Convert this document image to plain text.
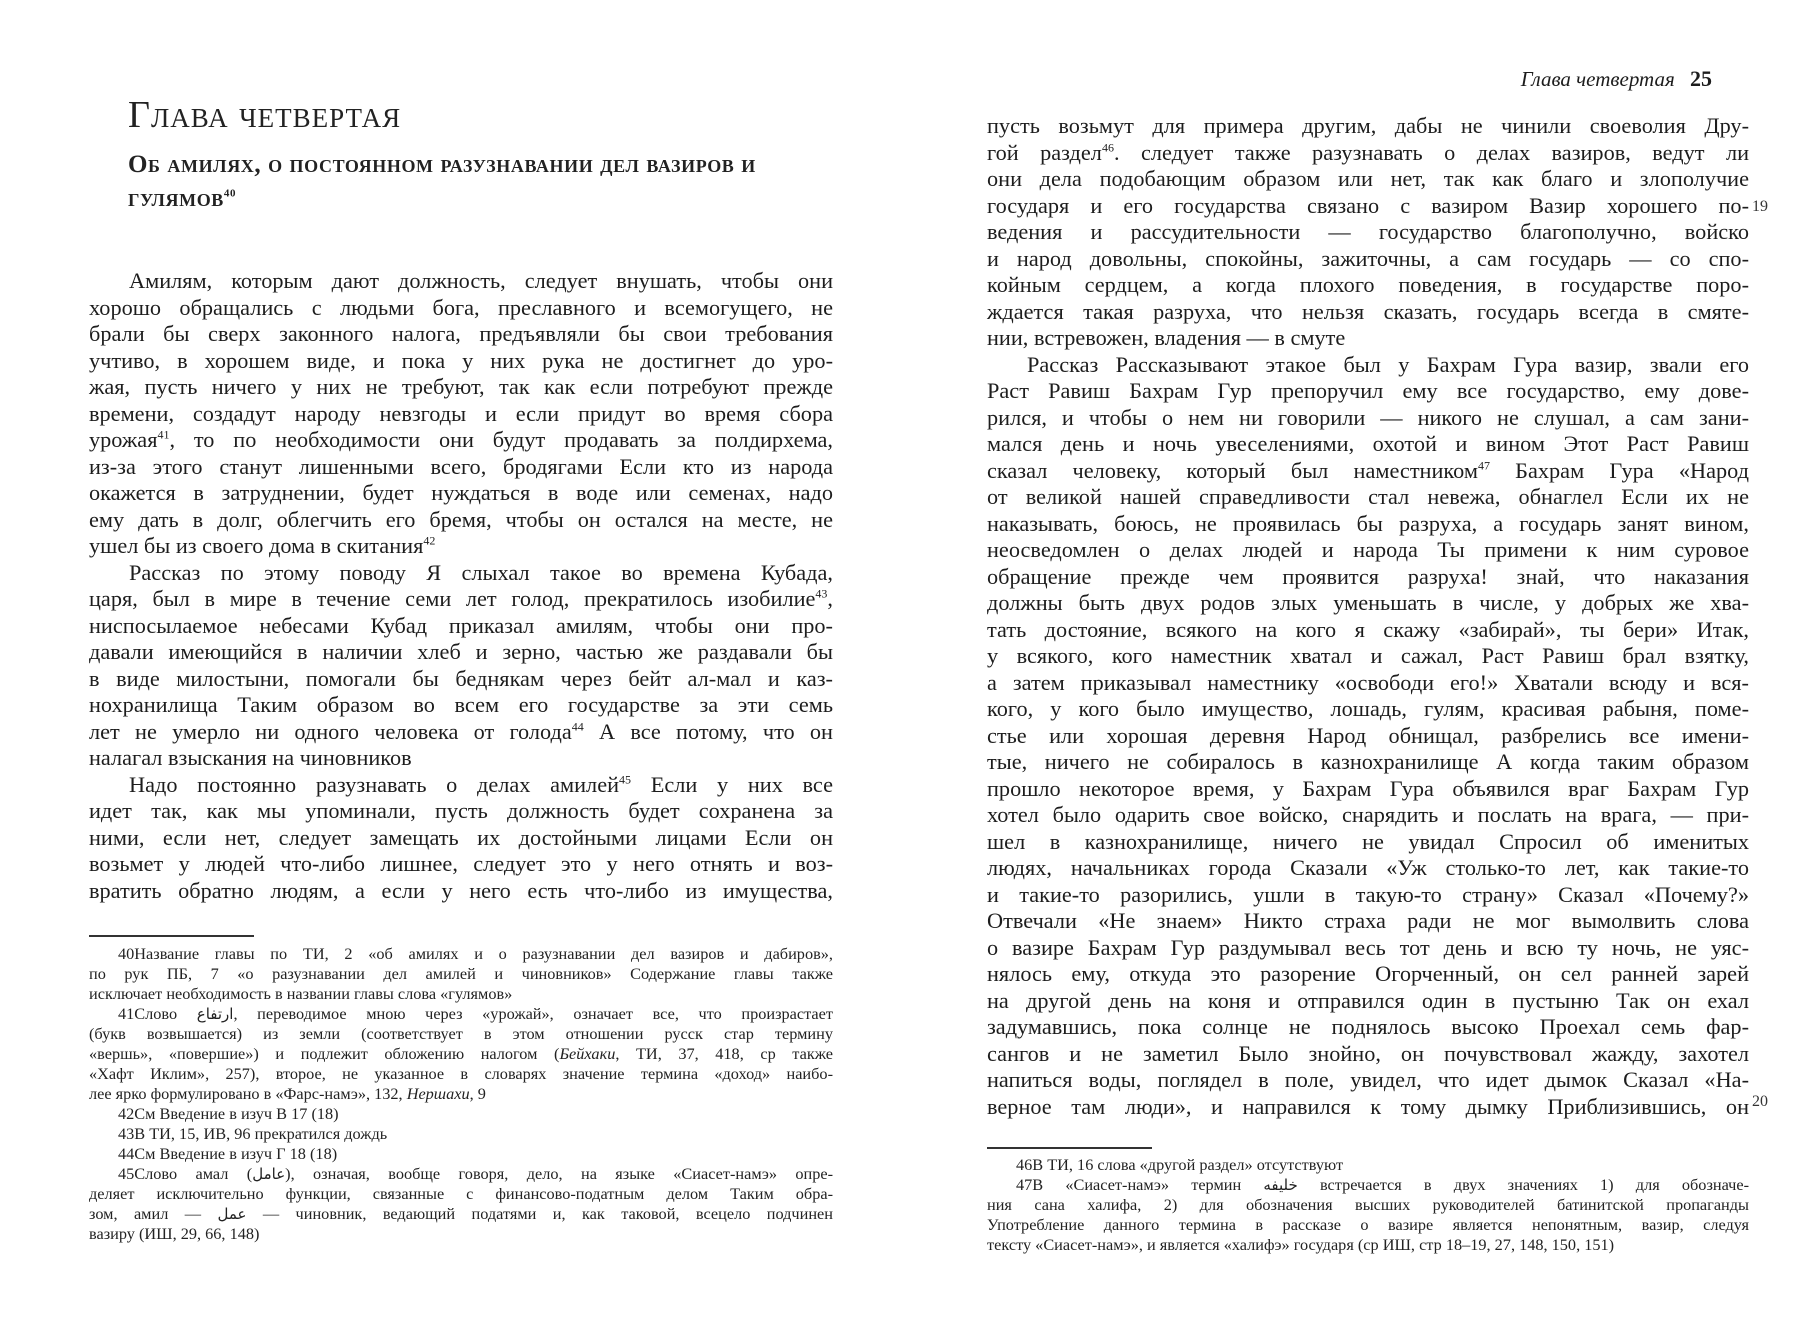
Глава четвертая
Об амилях, о постоянном разузнавании дел вазиров и гулямов$^{40}$
Амилям, которым дают должность, следует внушать, чтобы они
хорошо обращались с людьми бога, преславного и всемогущего, не
брали бы сверх законного налога, предъявляли бы свои требования
учтиво, в хорошем виде, и пока у них рука не достигнет до уро-
жая, пусть ничего у них не требуют, так как если потребуют прежде
времени, создадут народу невзгоды и если придут во время сбора
урожая$^{41}$, то по необходимости они будут продавать за полдирхема,
из-за этого станут лишенными всего, бродягами Если кто из народа
окажется в затруднении, будет нуждаться в воде или семенах, надо
ему дать в долг, облегчить его бремя, чтобы он остался на месте, не
ушел бы из своего дома в скитания$^{42}$
Рассказ по этому поводу Я слыхал такое во времена Кубада,
царя, был в мире в течение семи лет голод, прекратилось изобилие$^{43}$,
ниспосылаемое небесами Кубад приказал амилям, чтобы они про-
давали имеющийся в наличии хлеб и зерно, частью же раздавали бы
в виде милостыни, помогали бы беднякам через бейт ал-мал и каз-
нохранилища Таким образом во всем его государстве за эти семь
лет не умерло ни одного человека от голода$^{44}$ А все потому, что он
налагал взыскания на чиновников
Надо постоянно разузнавать о делах амилей$^{45}$ Если у них все
идет так, как мы упоминали, пусть должность будет сохранена за
ними, если нет, следует замещать их достойными лицами Если он
возьмет у людей что-либо лишнее, следует это у него отнять и воз-
вратить обратно людям, а если у него есть что-либо из имущества,
40Название главы по ТИ, 2 «об амилях и о разузнавании дел вазиров и дабиров»,
по рук ПБ, 7 «о разузнавании дел амилей и чиновников» Содержание главы также
исключает необходимость в названии главы слова «гулямов»
41Слово ارتفاع, переводимое мною через «урожай», означает все, что произрастает
(букв возвышается) из земли (соответствует в этом отношении русск стар термину
«вершь», «повершие») и подлежит обложению налогом (Бейхаки, ТИ, 37, 418, ср также
«Хафт Иклим», 257), второе, не указанное в словарях значение термина «доход» наибо-
лее ярко формулировано в «Фарс-намэ», 132, Нершахи, 9
42См Введение в изуч В 17 (18)
43В ТИ, 15, ИВ, 96 прекратился дождь
44См Введение в изуч Г 18 (18)
45Слово амал (عامل), означая, вообще говоря, дело, на языке «Сиасет-намэ» опре-
деляет исключительно функции, связанные с финансово-податным делом Таким обра-
зом, амил — عمل — чиновник, ведающий податями и, как таковой, всецело подчинен
вазиру (ИШ, 29, 66, 148)
Глава четвертая 25
пусть возьмут для примера другим, дабы не чинили своеволия Дру-
гой раздел$^{46}$. следует также разузнавать о делах вазиров, ведут ли
они дела подобающим образом или нет, так как благо и злополучие
государя и его государства связано с вазиром Вазир хорошего по-
ведения и рассудительности — государство благополучно, войско
и народ довольны, спокойны, зажиточны, а сам государь — со спо-
койным сердцем, а когда плохого поведения, в государстве поро-
ждается такая разруха, что нельзя сказать, государь всегда в смяте-
нии, встревожен, владения — в смуте
Рассказ Рассказывают этакое был у Бахрам Гура вазир, звали его
Раст Равиш Бахрам Гур препоручил ему все государство, ему дове-
рился, и чтобы о нем ни говорили — никого не слушал, а сам зани-
мался день и ночь увеселениями, охотой и вином Этот Раст Равиш
сказал человеку, который был наместником$^{47}$ Бахрам Гура «Народ
от великой нашей справедливости стал невежа, обнаглел Если их не
наказывать, боюсь, не проявилась бы разруха, а государь занят вином,
неосведомлен о делах людей и народа Ты примени к ним суровое
обращение прежде чем проявится разруха! знай, что наказания
должны быть двух родов злых уменьшать в числе, у добрых же хва-
тать достояние, всякого на кого я скажу «забирай», ты бери» Итак,
у всякого, кого наместник хватал и сажал, Раст Равиш брал взятку,
а затем приказывал наместнику «освободи его!» Хватали всюду и вся-
кого, у кого было имущество, лошадь, гулям, красивая рабыня, поме-
стье или хорошая деревня Народ обнищал, разбрелись все имени-
тые, ничего не собиралось в казнохранилище А когда таким образом
прошло некоторое время, у Бахрам Гура объявился враг Бахрам Гур
хотел было одарить свое войско, снарядить и послать на врага, — при-
шел в казнохранилище, ничего не увидал Спросил об именитых
людях, начальниках города Сказали «Уж столько-то лет, как такие-то
и такие-то разорились, ушли в такую-то страну» Сказал «Почему?»
Отвечали «Не знаем» Никто страха ради не мог вымолвить слова
о вазире Бахрам Гур раздумывал весь тот день и всю ту ночь, не уяс-
нялось ему, откуда это разорение Огорченный, он сел ранней зарей
на другой день на коня и отправился один в пустыню Так он ехал
задумавшись, пока солнце не поднялось высоко Проехал семь фар-
сангов и не заметил Было знойно, он почувствовал жажду, захотел
напиться воды, поглядел в поле, увидел, что идет дымок Сказал «На-
верное там люди», и направился к тому дымку Приблизившись, он
19
20
46В ТИ, 16 слова «другой раздел» отсутствуют
47В «Сиасет-намэ» термин خليفه встречается в двух значениях 1) для обозначе-
ния сана халифа, 2) для обозначения высших руководителей батинитской пропаганды
Употребление данного термина в рассказе о вазире является непонятным, вазир, следуя
тексту «Сиасет-намэ», и является «халифэ» государя (ср ИШ, стр 18–19, 27, 148, 150, 151)
